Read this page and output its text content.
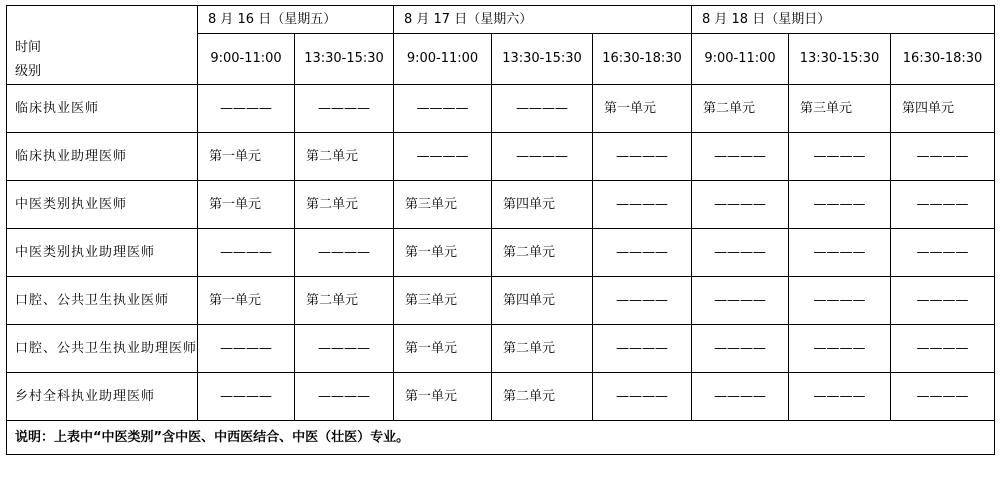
时间
级别	8 月 16 日（星期五）		8 月 17 日（星期六）			8 月 18 日（星期日）		
	9:00-11:00	13:30-15:30	9:00-11:00	13:30-15:30	16:30-18:30	9:00-11:00	13:30-15:30	16:30-18:30
临床执业医师	————	————	————	————	第一单元	第二单元	第三单元	第四单元
临床执业助理医师	第一单元	第二单元	————	————	————	————	————	————
中医类别执业医师	第一单元	第二单元	第三单元	第四单元	————	————	————	————
中医类别执业助理医师	————	————	第一单元	第二单元	————	————	————	————
口腔、公共卫生执业医师	第一单元	第二单元	第三单元	第四单元	————	————	————	————
口腔、公共卫生执业助理医师	————	————	第一单元	第二单元	————	————	————	————
乡村全科执业助理医师	————	————	第一单元	第二单元	————	————	————	————
说明：上表中“中医类别”含中医、中西医结合、中医（壮医）专业。								
